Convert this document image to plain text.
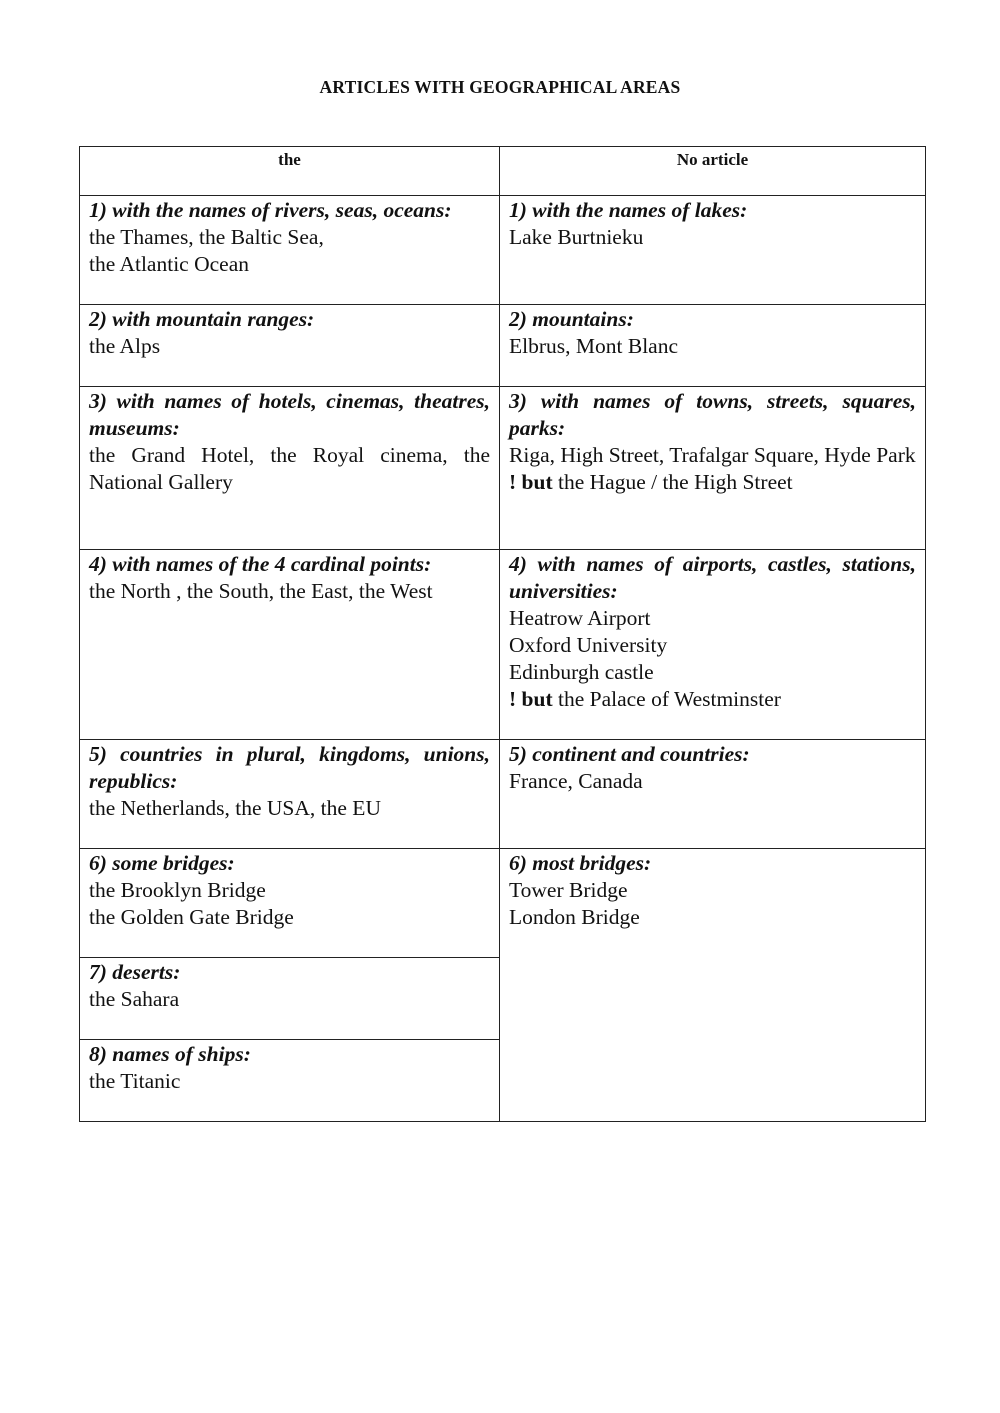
ARTICLES WITH GEOGRAPHICAL AREAS
the	No article

1) with the names of rivers, seas, oceans:
the Thames, the Baltic Sea,
the Atlantic Ocean	1) with the names of lakes:
Lake Burtnieku

2) with mountain ranges:
the Alps	2) mountains:
Elbrus, Mont Blanc

3) with names of hotels, cinemas, theatres, museums:
the Grand Hotel, the Royal cinema, the National Gallery	3) with names of towns, streets, squares, parks:
Riga, High Street, Trafalgar Square, Hyde Park
! but the Hague / the High Street

4) with names of the 4 cardinal points:
the North , the South, the East, the West	4) with names of airports, castles, stations, universities:
Heatrow Airport
Oxford University
Edinburgh castle
! but the Palace of Westminster

5) countries in plural, kingdoms, unions, republics:
the Netherlands, the USA, the EU	5) continent and countries:
France, Canada

6) some bridges:
the Brooklyn Bridge
the Golden Gate Bridge	6) most bridges:
Tower Bridge
London Bridge

7) deserts:
the Sahara	

8) names of ships:
the Titanic	
